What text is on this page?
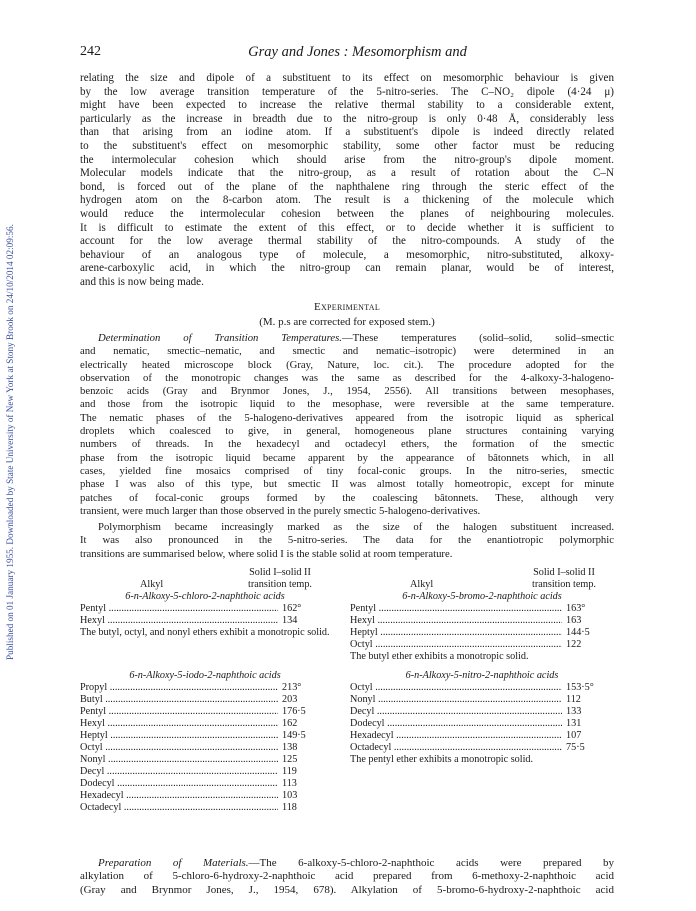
Published on 01 January 1955. Downloaded by State University of New York at Stony Brook on 24/10/2014 02:09:56.
242	Gray and Jones : Mesomorphism and
relating the size and dipole of a substituent to its effect on mesomorphic behaviour is given
by the low average transition temperature of the 5-nitro-series. The C–NO₂ dipole (4·24 μ)
might have been expected to increase the relative thermal stability to a considerable extent,
particularly as the increase in breadth due to the nitro-group is only 0·48 Å, considerably less
than that arising from an iodine atom. If a substituent's dipole is indeed directly related
to the substituent's effect on mesomorphic stability, some other factor must be reducing
the intermolecular cohesion which should arise from the nitro-group's dipole moment.
Molecular models indicate that the nitro-group, as a result of rotation about the C–N
bond, is forced out of the plane of the naphthalene ring through the steric effect of the
hydrogen atom on the 8-carbon atom. The result is a thickening of the molecule which
would reduce the intermolecular cohesion between the planes of neighbouring molecules.
It is difficult to estimate the extent of this effect, or to decide whether it is sufficient to
account for the low average thermal stability of the nitro-compounds. A study of the
behaviour of an analogous type of molecule, a mesomorphic, nitro-substituted, alkoxy-
arene-carboxylic acid, in which the nitro-group can remain planar, would be of interest,
and this is now being made.
Experimental
(M. p.s are corrected for exposed stem.)
Determination of Transition Temperatures.—These temperatures (solid–solid, solid–smectic
and nematic, smectic–nematic, and smectic and nematic–isotropic) were determined in an
electrically heated microscope block (Gray, Nature, loc. cit.). The procedure adopted for the
observation of the monotropic changes was the same as described for the 4-alkoxy-3-halogeno-
benzoic acids (Gray and Brynmor Jones, J., 1954, 2556). All transitions between mesophases,
and those from the isotropic liquid to the mesophase, were reversible at the same temperature.
The nematic phases of the 5-halogeno-derivatives appeared from the isotropic liquid as spherical
droplets which coalesced to give, in general, homogeneous plane structures containing varying
numbers of threads. In the hexadecyl and octadecyl ethers, the formation of the smectic
phase from the isotropic liquid became apparent by the appearance of bâtonnets which, in all
cases, yielded fine mosaics comprised of tiny focal-conic groups. In the nitro-series, smectic
phase I was also of this type, but smectic II was almost totally homeotropic, except for minute
patches of focal-conic groups formed by the coalescing bâtonnets. These, although very
transient, were much larger than those observed in the purely smectic 5-halogeno-derivatives.
Polymorphism became increasingly marked as the size of the halogen substituent increased.
It was also pronounced in the 5-nitro-series. The data for the enantiotropic polymorphic
transitions are summarised below, where solid I is the stable solid at room temperature.
Alkyl
Solid I–solid II
transition temp.
6-n-Alkoxy-5-chloro-2-naphthoic acids
Pentyl .....	162°
Hexyl .....	134
The butyl, octyl, and nonyl ethers exhibit a monotropic solid.
6-n-Alkoxy-5-iodo-2-naphthoic acids
Propyl .....	213°
Butyl .....	203
Pentyl .....	176·5
Hexyl .....	162
Heptyl .....	149·5
Octyl .....	138
Nonyl .....	125
Decyl .....	119
Dodecyl .....	113
Hexadecyl .....	103
Octadecyl .....	118
Alkyl
Solid I–solid II
transition temp.
6-n-Alkoxy-5-bromo-2-naphthoic acids
Pentyl .....	163°
Hexyl .....	163
Heptyl .....	144·5
Octyl .....	122
The butyl ether exhibits a monotropic solid.
6-n-Alkoxy-5-nitro-2-naphthoic acids
Octyl .....	153·5°
Nonyl .....	112
Decyl .....	133
Dodecyl .....	131
Hexadecyl .....	107
Octadecyl .....	75·5
The pentyl ether exhibits a monotropic solid.
Preparation of Materials.—The 6-alkoxy-5-chloro-2-naphthoic acids were prepared by
alkylation of 5-chloro-6-hydroxy-2-naphthoic acid prepared from 6-methoxy-2-naphthoic acid
(Gray and Brynmor Jones, J., 1954, 678). Alkylation of 5-bromo-6-hydroxy-2-naphthoic acid
